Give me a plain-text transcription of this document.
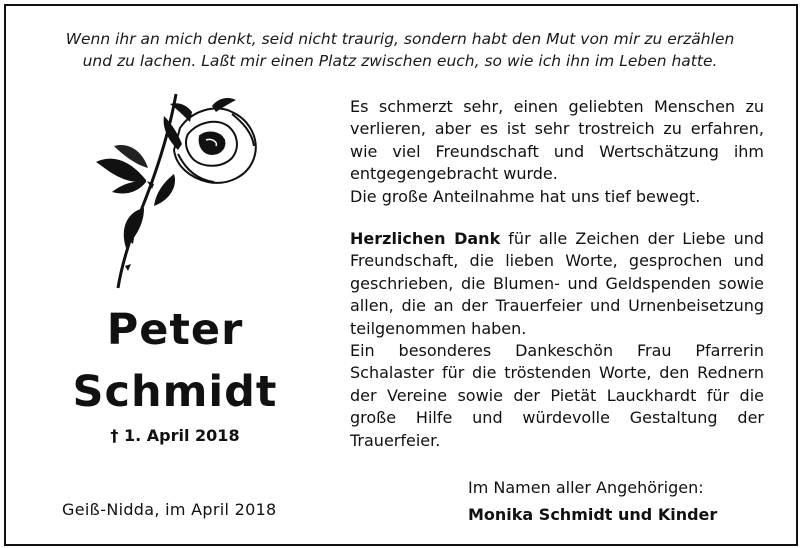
Wenn ihr an mich denkt, seid nicht traurig, sondern habt den Mut von mir zu erzählen
und zu lachen. Laßt mir einen Platz zwischen euch, so wie ich ihn im Leben hatte.
Peter
Schmidt
† 1. April 2018
Geiß-Nidda, im April 2018

Es schmerzt sehr, einen geliebten Menschen zu verlieren, aber es ist sehr trostreich zu erfahren, wie viel Freundschaft und Wertschätzung ihm entgegengebracht wurde.

Die große Anteilnahme hat uns tief bewegt.

Herzlichen Dank für alle Zeichen der Liebe und Freundschaft, die lieben Worte, gesprochen und geschrieben, die Blumen- und Geldspenden sowie allen, die an der Trauerfeier und Urnenbeisetzung teilgenommen haben.

Ein besonderes Dankeschön Frau Pfarrerin Schalaster für die tröstenden Worte, den Rednern der Vereine sowie der Pietät Lauckhardt für die große Hilfe und würdevolle Gestaltung der Trauerfeier.

Im Namen aller Angehörigen:
Monika Schmidt und Kinder
